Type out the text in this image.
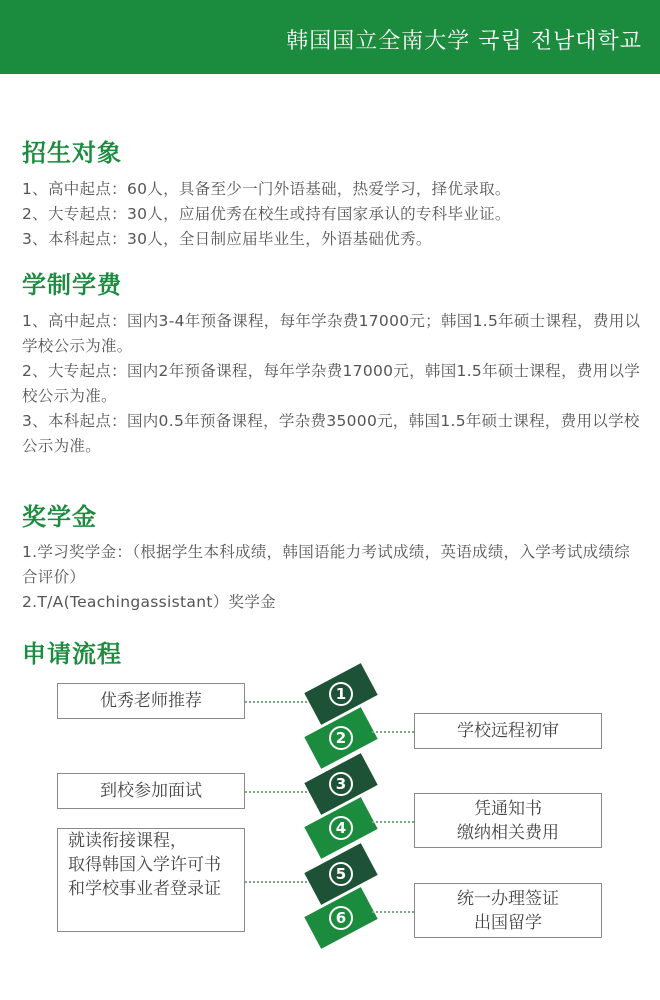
韩国国立全南大学 국립 전남대학교
招生对象

1、高中起点：60人，具备至少一门外语基础，热爱学习，择优录取。

2、大专起点：30人，应届优秀在校生或持有国家承认的专科毕业证。

3、本科起点：30人，全日制应届毕业生，外语基础优秀。

学制学费

1、高中起点：国内3-4年预备课程，每年学杂费17000元；韩国1.5年硕士课程，费用以学校公示为准。

2、大专起点：国内2年预备课程，每年学杂费17000元，韩国1.5年硕士课程，费用以学校公示为准。

3、本科起点：国内0.5年预备课程，学杂费35000元，韩国1.5年硕士课程，费用以学校公示为准。

奖学金

1.学习奖学金：（根据学生本科成绩，韩国语能力考试成绩，英语成绩，入学考试成绩综合评价）

2.T/A(Teachingassistant）奖学金

申请流程
优秀老师推荐	1
2	学校远程初审
到校参加面试	3
4
凭通知书
缴纳相关费用
就读衔接课程，
取得韩国入学许可书
和学校事业者登录证
5
6
统一办理签证
出国留学
